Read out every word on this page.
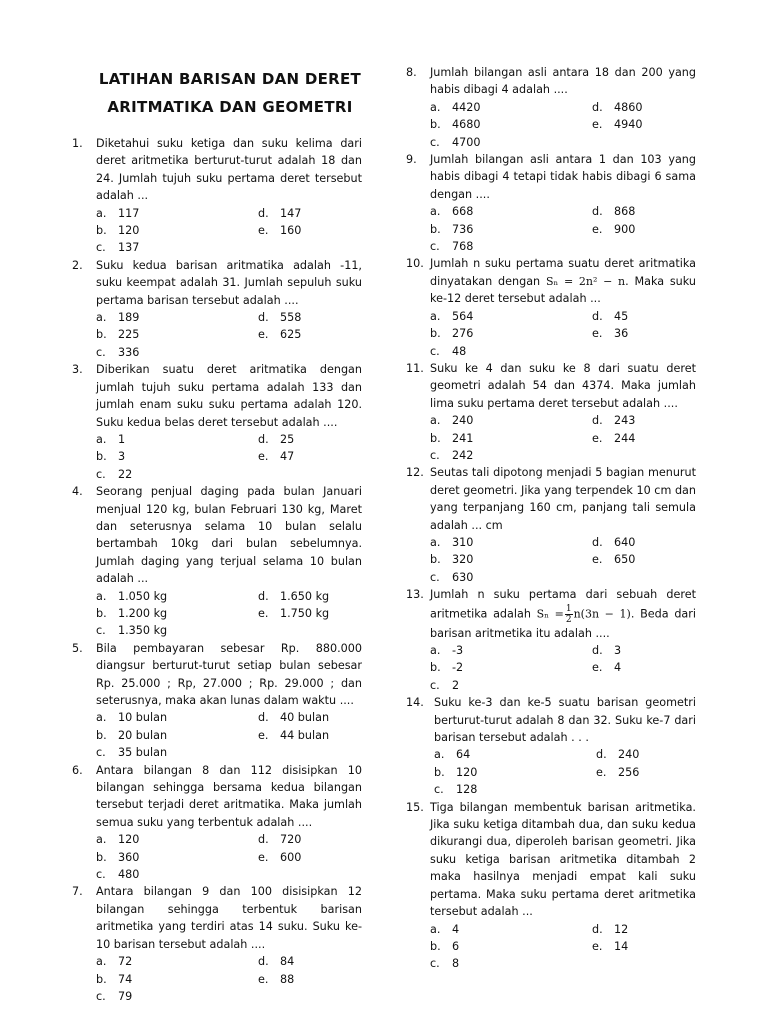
LATIHAN BARISAN DAN DERET
ARITMATIKA DAN GEOMETRI
1. Diketahui suku ketiga dan suku kelima dari deret aritmetika berturut-turut adalah 18 dan 24. Jumlah tujuh suku pertama deret tersebut adalah ...
a. 117	d. 147
b. 120	e. 160
c. 137
2. Suku kedua barisan aritmatika adalah -11, suku keempat adalah 31. Jumlah sepuluh suku pertama barisan tersebut adalah ....
a. 189	d. 558
b. 225	e. 625
c. 336
3. Diberikan suatu deret aritmatika dengan jumlah tujuh suku pertama adalah 133 dan jumlah enam suku suku pertama adalah 120. Suku kedua belas deret tersebut adalah ....
a. 1	d. 25
b. 3	e. 47
c. 22
4. Seorang penjual daging pada bulan Januari menjual 120 kg, bulan Februari 130 kg, Maret dan seterusnya selama 10 bulan selalu bertambah 10kg dari bulan sebelumnya. Jumlah daging yang terjual selama 10 bulan adalah ...
a. 1.050 kg	d. 1.650 kg
b. 1.200 kg	e. 1.750 kg
c. 1.350 kg
5. Bila pembayaran sebesar Rp. 880.000 diangsur berturut-turut setiap bulan sebesar Rp. 25.000 ; Rp, 27.000 ; Rp. 29.000 ; dan seterusnya, maka akan lunas dalam waktu ....
a. 10 bulan	d. 40 bulan
b. 20 bulan	e. 44 bulan
c. 35 bulan
6. Antara bilangan 8 dan 112 disisipkan 10 bilangan sehingga bersama kedua bilangan tersebut terjadi deret aritmatika. Maka jumlah semua suku yang terbentuk adalah ....
a. 120	d. 720
b. 360	e. 600
c. 480
7. Antara bilangan 9 dan 100 disisipkan 12 bilangan sehingga terbentuk barisan aritmetika yang terdiri atas 14 suku. Suku ke-10 barisan tersebut adalah ....
a. 72	d. 84
b. 74	e. 88
c. 79
8. Jumlah bilangan asli antara 18 dan 200 yang habis dibagi 4 adalah ....
a. 4420	d. 4860
b. 4680	e. 4940
c. 4700
9. Jumlah bilangan asli antara 1 dan 103 yang habis dibagi 4 tetapi tidak habis dibagi 6 sama dengan ....
a. 668	d. 868
b. 736	e. 900
c. 768
10. Jumlah n suku pertama suatu deret aritmatika dinyatakan dengan Sₙ = 2n² − n. Maka suku ke-12 deret tersebut adalah ...
a. 564	d. 45
b. 276	e. 36
c. 48
11. Suku ke 4 dan suku ke 8 dari suatu deret geometri adalah 54 dan 4374. Maka jumlah lima suku pertama deret tersebut adalah ....
a. 240	d. 243
b. 241	e. 244
c. 242
12. Seutas tali dipotong menjadi 5 bagian menurut deret geometri. Jika yang terpendek 10 cm dan yang terpanjang 160 cm, panjang tali semula adalah ... cm
a. 310	d. 640
b. 320	e. 650
c. 630
13. Jumlah n suku pertama dari sebuah deret aritmetika adalah $S_n = \frac{1}{2} n(3n - 1)$. Beda dari barisan aritmetika itu adalah ....
a. -3	d. 3
b. -2	e. 4
c. 2
14. Suku ke-3 dan ke-5 suatu barisan geometri berturut-turut adalah 8 dan 32. Suku ke-7 dari barisan tersebut adalah . . .
a. 64	d. 240
b. 120	e. 256
c. 128
15. Tiga bilangan membentuk barisan aritmetika. Jika suku ketiga ditambah dua, dan suku kedua dikurangi dua, diperoleh barisan geometri. Jika suku ketiga barisan aritmetika ditambah 2 maka hasilnya menjadi empat kali suku pertama. Maka suku pertama deret aritmetika tersebut adalah ...
a. 4	d. 12
b. 6	e. 14
c. 8
